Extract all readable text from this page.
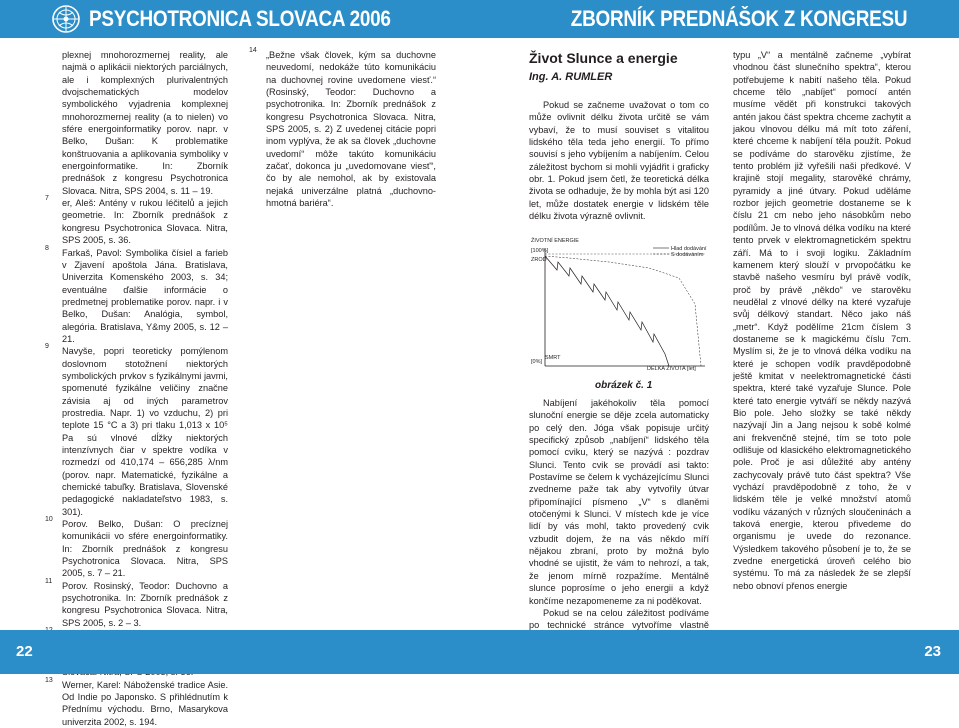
PSYCHOTRONICA SLOVACA 2006	ZBORNÍK PREDNÁŠOK Z KONGRESU

plexnej mnohorozmernej reality, ale najmä o aplikácii niektorých parciálnych, ale i komplexných plurivalentných dvojschematických modelov symbolického vyjadrenia komplexnej mnohorozmernej reality (a to nielen) vo sfére energoinformatiky porov. napr. v Belko, Dušan: K problematike konštruovania a aplikovania symboliky v energoinformatike. In: Zborník prednášok z kongresu Psychotronica Slovaca. Nitra, SPS 2004, s. 11 – 19.

7 er, Aleš: Antény v rukou léčitelů a jejich geometrie. In: Zborník prednášok z kongresu Psychotronica Slovaca. Nitra, SPS 2005, s. 36.

8 Farkaš, Pavol: Symbolika čísiel a farieb v Zjavení apoštola Jána. Bratislava, Univerzita Komenského 2003, s. 34; eventuálne ďalšie informácie o predmetnej problematike porov. napr. i v Belko, Dušan: Analógia, symbol, alegória. Bratislava, Y&my 2005, s. 12 – 21.

9 Navyše, popri teoreticky pomýlenom doslovnom stotožnení niektorých symbolických prvkov s fyzikálnymi javmi, spomenuté fyzikálne veličiny značne závisia aj od iných parametrov prostredia. Napr. 1) vo vzduchu, 2) pri teplote 15 °C a 3) pri tlaku 1,013 x 10⁵ Pa sú vlnové dĺžky niektorých intenzívnych čiar v spektre vodíka v rozmedzí od 410,174 – 656,285 λ/nm (porov. napr. Matematické, fyzikálne a chemické tabuľky. Bratislava, Slovenské pedagogické nakladateľstvo 1983, s. 301).

10 Porov. Belko, Dušan: O precíznej komunikácii vo sfére energoinformatiky. In: Zborník prednášok z kongresu Psychotronica Slovaca. Nitra, SPS 2005, s. 7 – 21.

11 Porov. Rosinský, Teodor: Duchovno a psychotronika. In: Zborník prednášok z kongresu Psychotronica Slovaca. Nitra, SPS 2005, s. 2 – 3.

13 Werner, Karel: Náboženské tradice Asie. Od Indie po Japonsko. S přihlédnutím k Přednímu východu. Brno, Masarykova univerzita 2002, s. 194.

14 „Bežne však človek, kým sa duchovne neuvedomí, nedokáže túto komunikáciu na duchovnej rovine uvedomene viesť.“ (Rosinský, Teodor: Duchovno a psychotronika. In: Zborník prednášok z kongresu Psychotronica Slovaca. Nitra, SPS 2005, s. 2) Z uvedenej citácie popri inom vyplýva, že ak sa človek „duchovne uvedomí“ môže takúto komunikáciu začať, dokonca ju „uvedomovane viesť“, čo by ale nemohol, ak by existovala nejaká univerzálne platná „duchovno-hmotná bariéra“.

Život Slunce a energie

Ing. A. RUMLER

Pokud se začneme uvažovat o tom co může ovlivnit délku života určitě se vám vybaví, že to musí souviset s vitalitou lidského těla teda jeho energií. To přímo souvisí s jeho vybíjením a nabíjením. Celou záležitost bychom si mohli vyjádřit i graficky obr. 1. Pokud jsem četl, že teoretická délka života se odhaduje, že by mohla být asi 120 let, může dostatek energie v lidském těle délku života výrazně ovlivnit.

ŽIVOTNÍ ENERGIE
[100%]
ZROD
[0%]
SMRT
DÉLKA ŽIVOTA [let]
Hlad dodávání
S dodáváním
obrázek č. 1

Nabíjení jakéhokoliv těla pomocí slunoční energie se děje zcela automaticky po celý den. Jóga však popisuje určitý specifický způsob „nabíjení“ lidského těla pomocí cviku, který se nazývá : pozdrav Slunci. Tento cvik se provádí asi takto: Postavíme se čelem k vycházejícímu Slunci zvedneme paže tak aby vytvořily útvar připomínající písmeno „V“ s dlaněmi otočenými k Slunci. V místech kde je více lidí by vás mohl, takto provedený cvik vzbudit dojem, že na vás někdo míří nějakou zbraní, proto by možná bylo vhodné se ujistit, že vám to nehrozí, a tak, že jenom mírně rozpažíme. Mentálně slunce poprosíme o jeho energii a když končíme nezapomeneme za ni poděkovat.

Pokud se na celou záležitost podíváme po technické stránce vytvoříme vlastně

typu „V“ a mentálně začneme „vybírat vhodnou část slunečního spektra“, kterou potřebujeme k nabití našeho těla. Pokud chceme tělo „nabíjet“ pomocí antén musíme vědět při konstrukci takových antén jakou část spektra chceme zachytit a jakou vlnovou délku má mít toto záření, které chceme k nabíjení těla použít. Pokud se podíváme do starověku zjistíme, že tento problém již vyřešili naši předkové. V krajině stojí megality, starověké chrámy, pyramidy a jiné útvary. Pokud uděláme rozbor jejich geometrie dostaneme se k číslu 21 cm nebo jeho násobkům nebo podílům. Je to vlnová délka vodíku na které tento prvek v elektromagnetickém spektru září. Má to i svoji logiku. Základním kamenem který slouží v prvopočátku ke stavbě našeho vesmíru byl právě vodík, proč by právě „někdo“ ve starověku neudělal z vlnové délky na které vyzařuje svůj délkový standart. Něco jako náš „metr“. Když podělíme 21cm číslem 3 dostaneme se k magickému číslu 7cm. Myslím si, že je to vlnová délka vodíku na které je schopen vodík pravděpodobně ještě kmitat v neelektromagnetické části spektra, které také vyzařuje Slunce. Pole které tato energie vytváří se někdy nazývá Bio pole. Jeho složky se také někdy nazývají Jin a Jang nejsou k sobě kolmé ani frekvenčně stejné, tím se toto pole odlišuje od klasického elektromagnetického pole. Proč je asi důležité aby antény zachycovaly právě tuto část spektra? Vše vychází pravděpodobně z toho, že v lidském těle je velké množství atomů vodíku vázaných v různých sloučeninách a taková energie, kterou přivedeme do organismu je uvede do rezonance. Výsledkem takového působení je to, že se zvedne energetická úroveň celého bio systému. To má za následek že se zlepší nebo obnoví přenos energie

22	23
